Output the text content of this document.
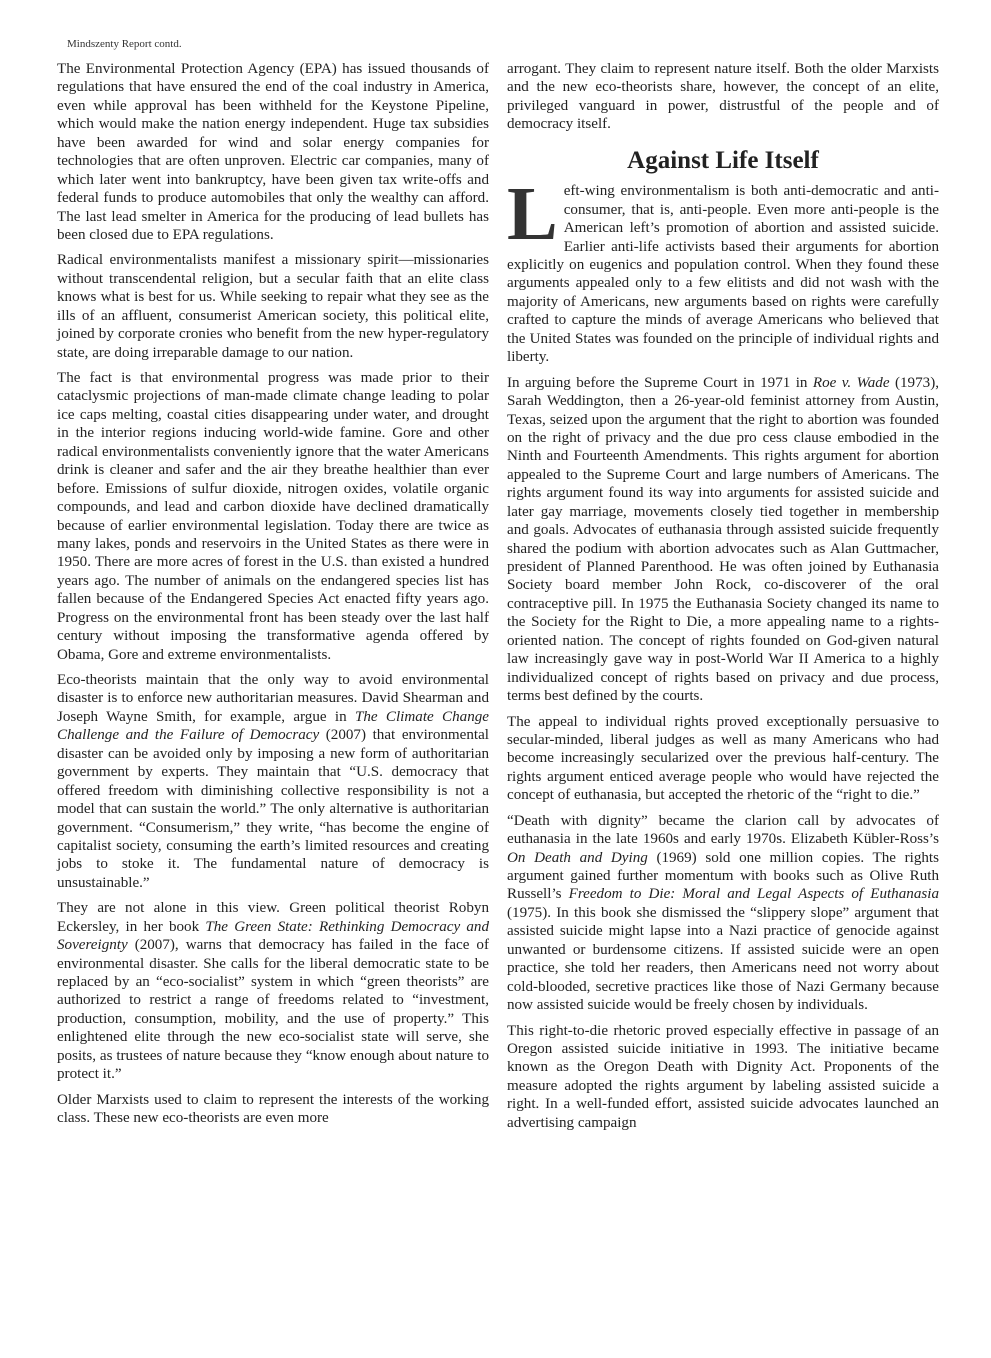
Mindszenty Report contd.

The Environmental Protection Agency (EPA) has issued thousands of regulations that have ensured the end of the coal industry in America, even while approval has been withheld for the Keystone Pipeline, which would make the nation energy independent. Huge tax subsidies have been awarded for wind and solar energy companies for technologies that are often unproven. Electric car companies, many of which later went into bankruptcy, have been given tax write-offs and federal funds to produce automobiles that only the wealthy can afford. The last lead smelter in America for the producing of lead bullets has been closed due to EPA regulations.

Radical environmentalists manifest a missionary spirit—missionaries without transcendental religion, but a secular faith that an elite class knows what is best for us. While seeking to repair what they see as the ills of an affluent, consumerist American society, this political elite, joined by corporate cronies who benefit from the new hyper-regulatory state, are doing irreparable damage to our nation.

The fact is that environmental progress was made prior to their cataclysmic projections of man-made climate change leading to polar ice caps melting, coastal cities disappearing under water, and drought in the interior regions inducing world-wide famine. Gore and other radical environmentalists conveniently ignore that the water Americans drink is cleaner and safer and the air they breathe healthier than ever before. Emissions of sulfur dioxide, nitrogen oxides, volatile organic compounds, and lead and carbon dioxide have declined dramatically because of earlier environmental legislation. Today there are twice as many lakes, ponds and reservoirs in the United States as there were in 1950. There are more acres of forest in the U.S. than existed a hundred years ago. The number of animals on the endangered species list has fallen because of the Endangered Species Act enacted fifty years ago. Progress on the environmental front has been steady over the last half century without imposing the transformative agenda offered by Obama, Gore and extreme environmentalists.

Eco-theorists maintain that the only way to avoid environmental disaster is to enforce new authoritarian measures. David Shearman and Joseph Wayne Smith, for example, argue in The Climate Change Challenge and the Failure of Democracy (2007) that environmental disaster can be avoided only by imposing a new form of authoritarian government by experts. They maintain that “U.S. democracy that offered freedom with diminishing collective responsibility is not a model that can sustain the world.” The only alternative is authoritarian government. “Consumerism,” they write, “has become the engine of capitalist society, consuming the earth’s limited resources and creating jobs to stoke it. The fundamental nature of democracy is unsustainable.”

They are not alone in this view. Green political theorist Robyn Eckersley, in her book The Green State: Rethinking Democracy and Sovereignty (2007), warns that democracy has failed in the face of environmental disaster. She calls for the liberal democratic state to be replaced by an “eco-socialist” system in which “green theorists” are authorized to restrict a range of freedoms related to “investment, production, consumption, mobility, and the use of property.” This enlightened elite through the new eco-socialist state will serve, she posits, as trustees of nature because they “know enough about nature to protect it.”

Older Marxists used to claim to represent the interests of the working class. These new eco-theorists are even more

arrogant. They claim to represent nature itself. Both the older Marxists and the new eco-theorists share, however, the concept of an elite, privileged vanguard in power, distrustful of the people and of democracy itself.

Against Life Itself

Left-wing environmentalism is both anti-democratic and anti-consumer, that is, anti-people. Even more anti-people is the American left’s promotion of abortion and assisted suicide. Earlier anti-life activists based their arguments for abortion explicitly on eugenics and population control. When they found these arguments appealed only to a few elitists and did not wash with the majority of Americans, new arguments based on rights were carefully crafted to capture the minds of average Americans who believed that the United States was founded on the principle of individual rights and liberty.

In arguing before the Supreme Court in 1971 in Roe v. Wade (1973), Sarah Weddington, then a 26-year-old feminist attorney from Austin, Texas, seized upon the argument that the right to abortion was founded on the right of privacy and the due pro cess clause embodied in the Ninth and Fourteenth Amendments. This rights argument for abortion appealed to the Supreme Court and large numbers of Americans. The rights argument found its way into arguments for assisted suicide and later gay marriage, movements closely tied together in membership and goals. Advocates of euthanasia through assisted suicide frequently shared the podium with abortion advocates such as Alan Guttmacher, president of Planned Parenthood. He was often joined by Euthanasia Society board member John Rock, co-discoverer of the oral contraceptive pill. In 1975 the Euthanasia Society changed its name to the Society for the Right to Die, a more appealing name to a rights-oriented nation. The concept of rights founded on God-given natural law increasingly gave way in post-World War II America to a highly individualized concept of rights based on privacy and due process, terms best defined by the courts.

The appeal to individual rights proved exceptionally persuasive to secular-minded, liberal judges as well as many Americans who had become increasingly secularized over the previous half-century. The rights argument enticed average people who would have rejected the concept of euthanasia, but accepted the rhetoric of the “right to die.”

“Death with dignity” became the clarion call by advocates of euthanasia in the late 1960s and early 1970s. Elizabeth Kübler-Ross’s On Death and Dying (1969) sold one million copies. The rights argument gained further momentum with books such as Olive Ruth Russell’s Freedom to Die: Moral and Legal Aspects of Euthanasia (1975). In this book she dismissed the “slippery slope” argument that assisted suicide might lapse into a Nazi practice of genocide against unwanted or burdensome citizens. If assisted suicide were an open practice, she told her readers, then Americans need not worry about cold-blooded, secretive practices like those of Nazi Germany because now assisted suicide would be freely chosen by individuals.

This right-to-die rhetoric proved especially effective in passage of an Oregon assisted suicide initiative in 1993. The initiative became known as the Oregon Death with Dignity Act. Proponents of the measure adopted the rights argument by labeling assisted suicide a right. In a well-funded effort, assisted suicide advocates launched an advertising campaign
